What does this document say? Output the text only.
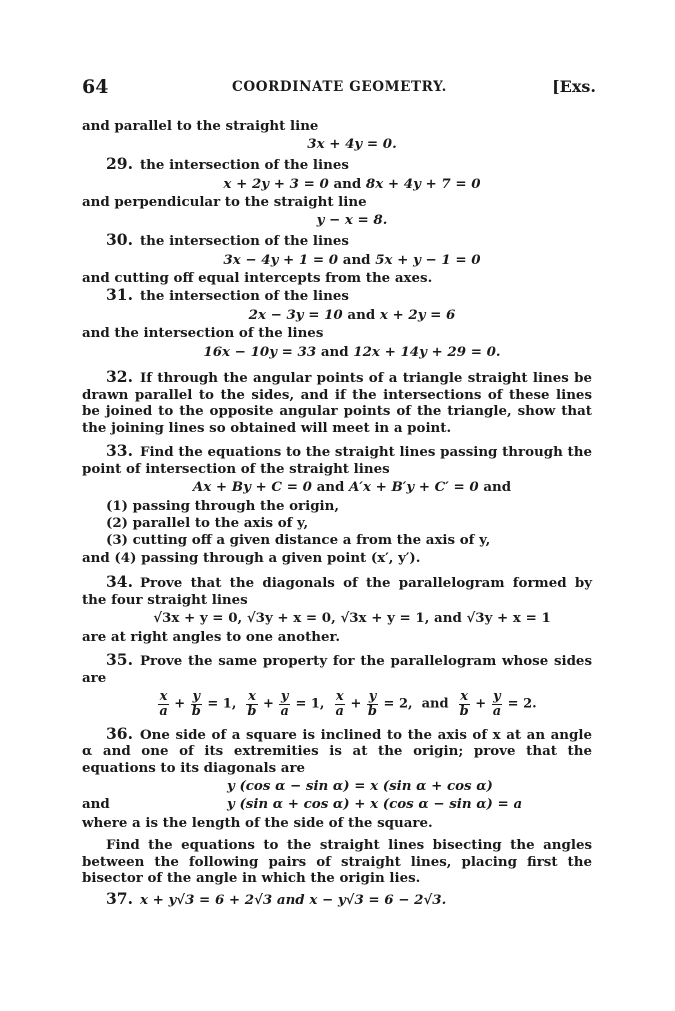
64	COORDINATE GEOMETRY.	[Exs.

and parallel to the straight line

3x + 4y = 0.

29. the intersection of the lines

x + 2y + 3 = 0 and 8x + 4y + 7 = 0

and perpendicular to the straight line

y − x = 8.

30. the intersection of the lines

3x − 4y + 1 = 0 and 5x + y − 1 = 0

and cutting off equal intercepts from the axes.

31. the intersection of the lines

2x − 3y = 10 and x + 2y = 6

and the intersection of the lines

16x − 10y = 33 and 12x + 14y + 29 = 0.

32. If through the angular points of a triangle straight lines be drawn parallel to the sides, and if the intersections of these lines be joined to the opposite angular points of the triangle, show that the joining lines so obtained will meet in a point.

33. Find the equations to the straight lines passing through the point of intersection of the straight lines

Ax + By + C = 0 and A′x + B′y + C′ = 0 and

(1) passing through the origin,

(2) parallel to the axis of y,

(3) cutting off a given distance a from the axis of y,

and (4) passing through a given point (x′, y′).

34. Prove that the diagonals of the parallelogram formed by the four straight lines

√3x + y = 0, √3y + x = 0, √3x + y = 1, and √3y + x = 1

are at right angles to one another.

35. Prove the same property for the parallelogram whose sides are

$\frac{x}{a} + \frac{y}{b} = 1$, $\frac{x}{b} + \frac{y}{a} = 1$, $\frac{x}{a} + \frac{y}{b} = 2$, and $\frac{x}{b} + \frac{y}{a} = 2$.

36. One side of a square is inclined to the axis of x at an angle α and one of its extremities is at the origin; prove that the equations to its diagonals are

y (cos α − sin α) = x (sin α + cos α)

and	y (sin α + cos α) + x (cos α − sin α) = a

where a is the length of the side of the square.

Find the equations to the straight lines bisecting the angles between the following pairs of straight lines, placing first the bisector of the angle in which the origin lies.

37. x + y√3 = 6 + 2√3 and x − y√3 = 6 − 2√3.
